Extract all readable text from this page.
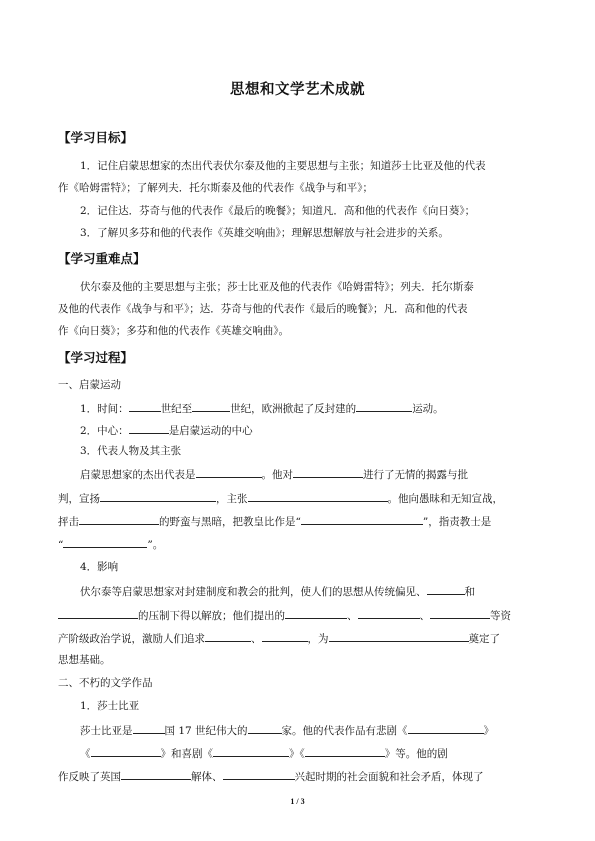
思想和文学艺术成就
【学习目标】
1．记住启蒙思想家的杰出代表伏尔泰及他的主要思想与主张；知道莎士比亚及他的代表
作《哈姆雷特》；了解列夫．托尔斯泰及他的代表作《战争与和平》；
2．记住达．芬奇与他的代表作《最后的晚餐》；知道凡．高和他的代表作《向日葵》；
3．了解贝多芬和他的代表作《英雄交响曲》；理解思想解放与社会进步的关系。
【学习重难点】
伏尔泰及他的主要思想与主张；莎士比亚及他的代表作《哈姆雷特》；列夫．托尔斯泰
及他的代表作《战争与和平》；达．芬奇与他的代表作《最后的晚餐》；凡．高和他的代表
作《向日葵》；多芬和他的代表作《英雄交响曲》。
【学习过程】
一、启蒙运动
1．时间：	世纪至	世纪，欧洲掀起了反封建的	运动。
2．中心：	是启蒙运动的中心
3．代表人物及其主张
启蒙思想家的杰出代表是	。他对	进行了无情的揭露与批
判，宣扬	，主张	。他向愚昧和无知宣战，
抨击	的野蛮与黑暗，把教皇比作是“	”，指责教士是
“	”。
4．影响
伏尔泰等启蒙思想家对封建制度和教会的批判，使人们的思想从传统偏见、	和
的压制下得以解放；他们提出的	、	、	等资
产阶级政治学说，激励人们追求	、	，为	奠定了
思想基础。
二、不朽的文学作品
1．莎士比亚
莎士比亚是	国 17 世纪伟大的	家。他的代表作品有悲剧《	》
《	》和喜剧《	》《	》等。他的剧
作反映了英国	解体、	兴起时期的社会面貌和社会矛盾，体现了
1 / 3
